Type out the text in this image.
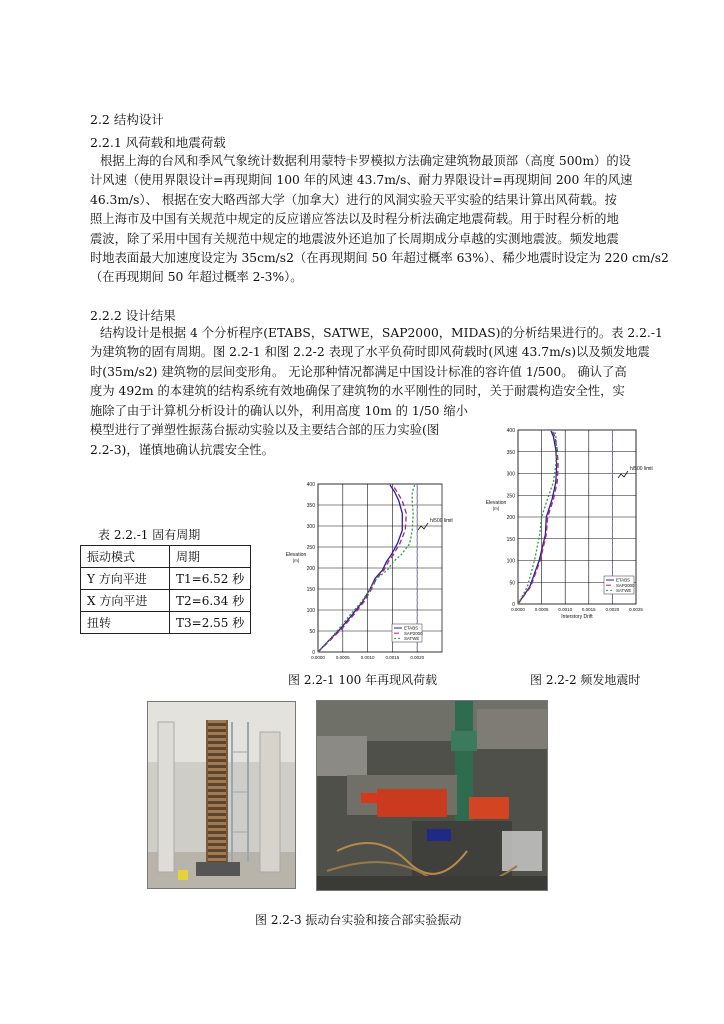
2.2 结构设计
2.2.1 风荷载和地震荷载
根据上海的台风和季风气象统计数据利用蒙特卡罗模拟方法确定建筑物最顶部（高度 500m）的设
计风速（使用界限设计=再现期间 100 年的风速 43.7m/s、耐力界限设计=再现期间 200 年的风速
46.3m/s）、 根据在安大略西部大学（加拿大）进行的风洞实验天平实验的结果计算出风荷载。按
照上海市及中国有关规范中规定的反应谱应答法以及时程分析法确定地震荷载。用于时程分析的地
震波，除了采用中国有关规范中规定的地震波外还追加了长周期成分卓越的实测地震波。频发地震
时地表面最大加速度设定为 35cm/s2（在再现期间 50 年超过概率 63%）、稀少地震时设定为 220 cm/s2
（在再现期间 50 年超过概率 2-3%）。
2.2.2 设计结果
结构设计是根据 4 个分析程序(ETABS，SATWE，SAP2000，MIDAS)的分析结果进行的。表 2.2.-1
为建筑物的固有周期。图 2.2-1 和图 2.2-2 表现了水平负荷时即风荷载时(风速 43.7m/s)以及频发地震
时(35m/s2) 建筑物的层间变形角。 无论那种情况都满足中国设计标准的容许值 1/500。 确认了高
度为 492m 的本建筑的结构系统有效地确保了建筑物的水平刚性的同时，关于耐震构造安全性，实
施除了由于计算机分析设计的确认以外，利用高度 10m 的 1/50 缩小
模型进行了弹塑性振荡台振动实验以及主要结合部的压力实验(图
2.2-3)，谨慎地确认抗震安全性。
表 2.2.-1 固有周期
振动模式	周期
Y 方向平进	T1=6.52 秒
X 方向平进	T2=6.34 秒
扭转	T3=2.55 秒
0
50
100
150
200
250
300
350
400
0.0000 0.0005 0.0010 0.0015 0.0020
h/500 limit
Elevation
(m)
ETABS
SAP2000
SATWE
图 2.2-1 100 年再现风荷载
0
50
100
150
200
250
300
350
400
0.0000 0.0005 0.0010 0.0015 0.0020 0.0025
h/500 limit
Elevation
(m)
Interstory Drift
ETABS
SAP2000
SATWE
图 2.2-2 频发地震时
图 2.2-3 振动台实验和接合部实验振动
